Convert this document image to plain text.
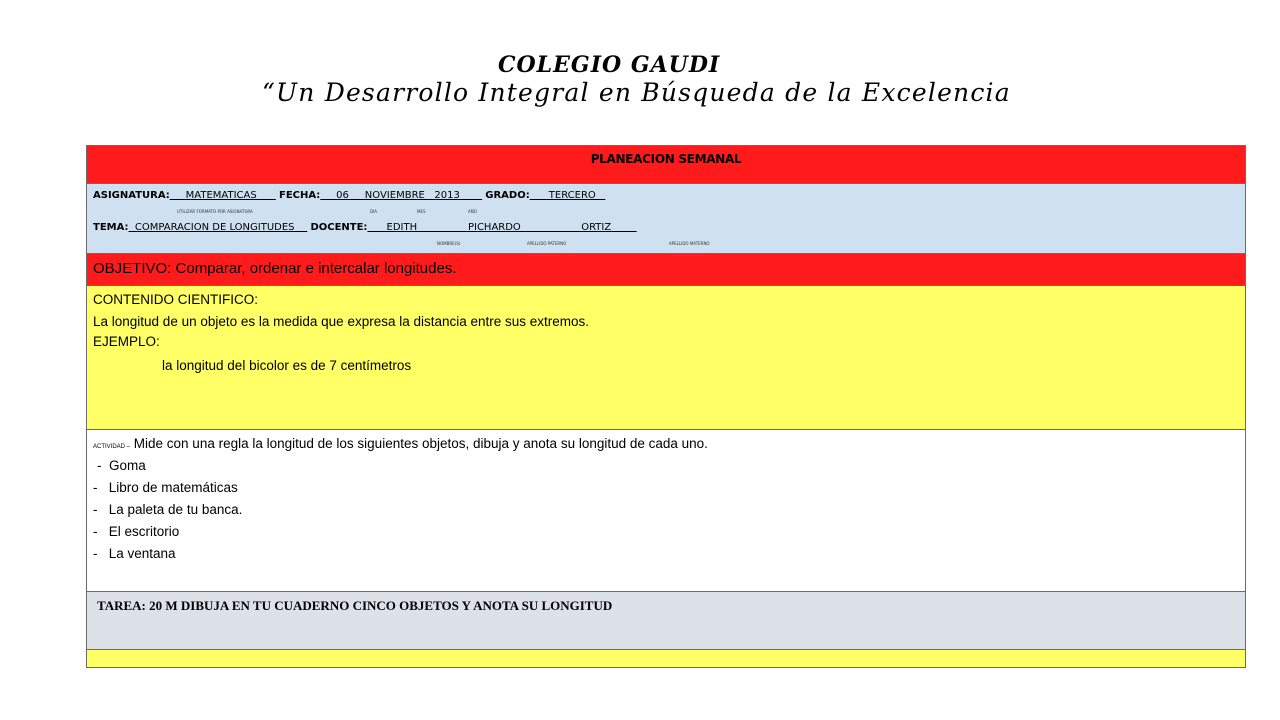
COLEGIO GAUDI
“Un Desarrollo Integral en Búsqueda de la Excelencia
PLANEACION SEMANAL
ASIGNATURA:     MATEMATICAS       FECHA:     06     NOVIEMBRE   2013        GRADO:      TERCERO
UTILIZAR FORMATO POR ASIGNATURA	DIA	MES	AÑO
TEMA:  COMPARACION DE LONGITUDES     DOCENTE:      EDITH                PICHARDO                   ORTIZ
NOMBRE(S)	APELLIDO PATERNO	APELLIDO MATERNO
OBJETIVO: Comparar, ordenar e intercalar longitudes.
CONTENIDO CIENTIFICO:
La longitud de un objeto es la medida que expresa la distancia entre sus extremos.
EJEMPLO:
la longitud del bicolor es de 7 centímetros
ACTIVIDAD – Mide con una regla la longitud de los siguientes objetos, dibuja y anota su longitud de cada uno.
-  Goma
-   Libro de matemáticas
-   La paleta de tu banca.
-   El escritorio
-   La ventana
TAREA: 20 M DIBUJA EN TU CUADERNO CINCO OBJETOS Y ANOTA SU LONGITUD
